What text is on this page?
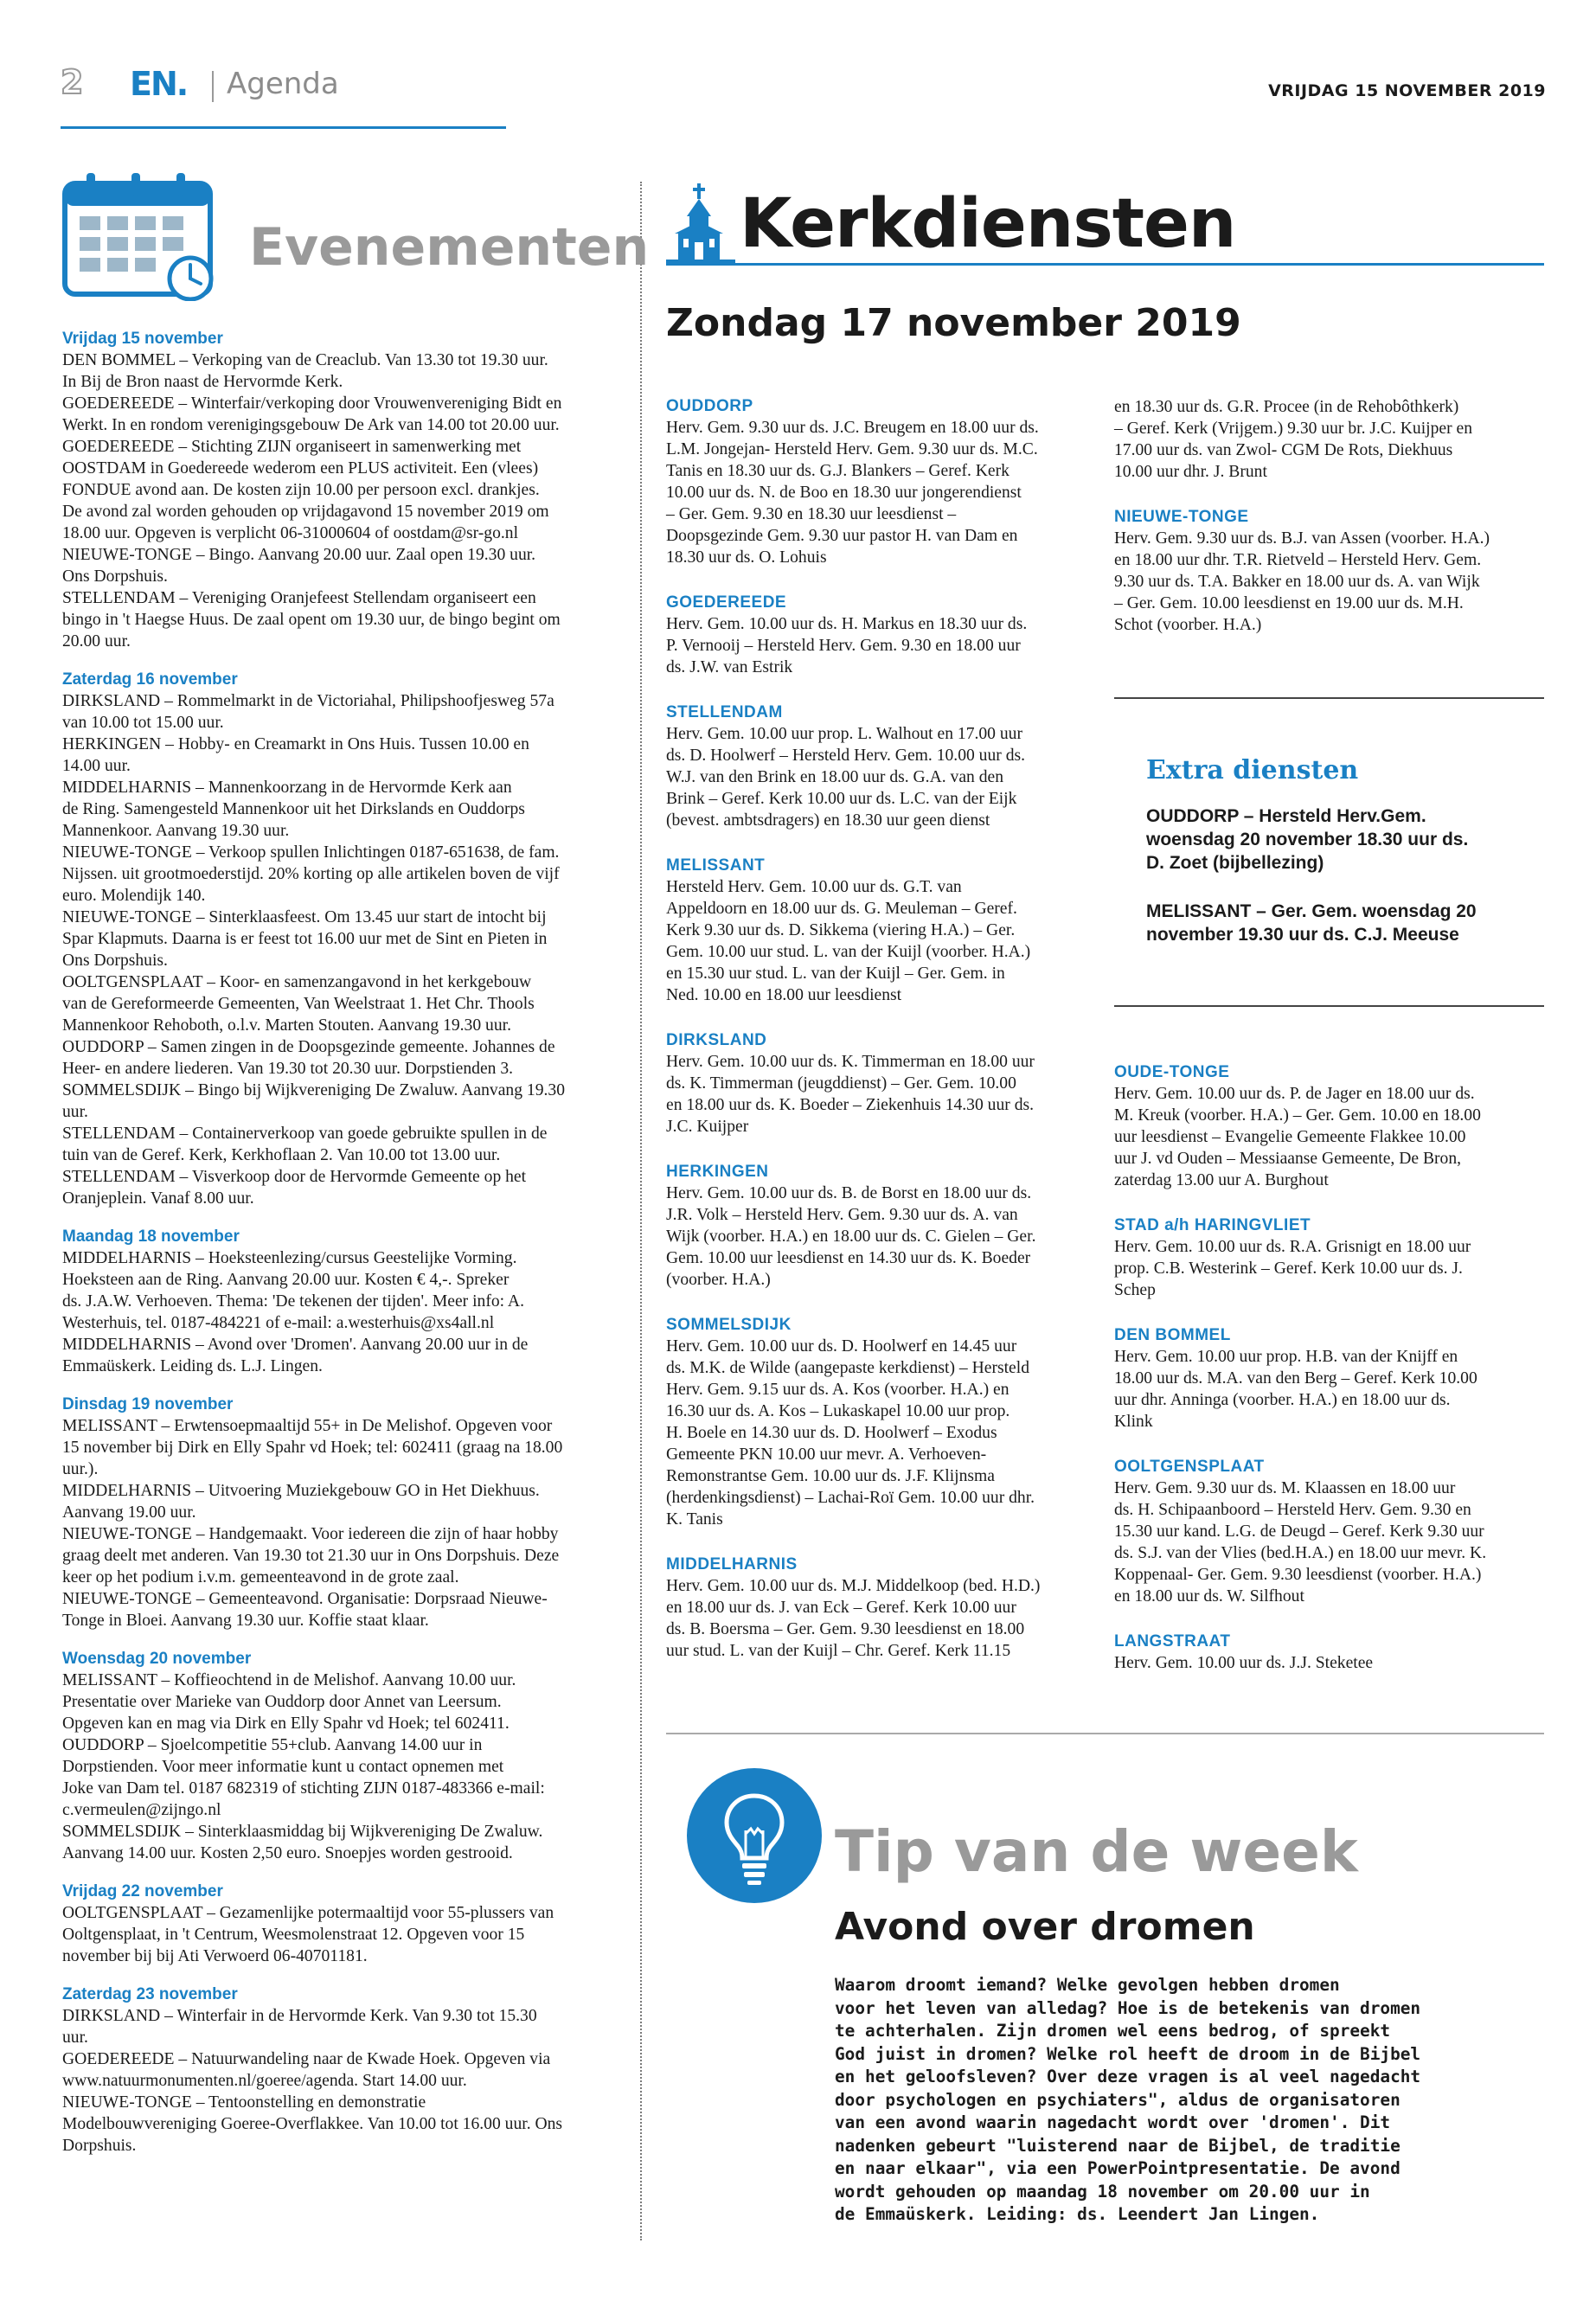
2 EN. Agenda	VRIJDAG 15 NOVEMBER 2019
Evenementen
Vrijdag 15 november
DEN BOMMEL – Verkoping van de Creaclub. Van 13.30 tot 19.30 uur.
In Bij de Bron naast de Hervormde Kerk.
GOEDEREEDE – Winterfair/verkoping door Vrouwenvereniging Bidt en
Werkt. In en rondom verenigingsgebouw De Ark van 14.00 tot 20.00 uur.
GOEDEREEDE – Stichting ZIJN organiseert in samenwerking met
OOSTDAM in Goedereede wederom een PLUS activiteit. Een (vlees)
FONDUE avond aan. De kosten zijn 10.00 per persoon excl. drankjes.
De avond zal worden gehouden op vrijdagavond 15 november 2019 om
18.00 uur. Opgeven is verplicht 06-31000604 of oostdam@sr-go.nl
NIEUWE-TONGE – Bingo. Aanvang 20.00 uur. Zaal open 19.30 uur.
Ons Dorpshuis.
STELLENDAM – Vereniging Oranjefeest Stellendam organiseert een
bingo in 't Haegse Huus. De zaal opent om 19.30 uur, de bingo begint om
20.00 uur.
Zaterdag 16 november
DIRKSLAND – Rommelmarkt in de Victoriahal, Philipshoofjesweg 57a
van 10.00 tot 15.00 uur.
HERKINGEN – Hobby- en Creamarkt in Ons Huis. Tussen 10.00 en
14.00 uur.
MIDDELHARNIS – Mannenkoorzang in de Hervormde Kerk aan
de Ring. Samengesteld Mannenkoor uit het Dirkslands en Ouddorps
Mannenkoor. Aanvang 19.30 uur.
NIEUWE-TONGE – Verkoop spullen Inlichtingen 0187-651638, de fam.
Nijssen. uit grootmoederstijd. 20% korting op alle artikelen boven de vijf
euro. Molendijk 140.
NIEUWE-TONGE – Sinterklaasfeest. Om 13.45 uur start de intocht bij
Spar Klapmuts. Daarna is er feest tot 16.00 uur met de Sint en Pieten in
Ons Dorpshuis.
OOLTGENSPLAAT – Koor- en samenzangavond in het kerkgebouw
van de Gereformeerde Gemeenten, Van Weelstraat 1. Het Chr. Thools
Mannenkoor Rehoboth, o.l.v. Marten Stouten. Aanvang 19.30 uur.
OUDDORP – Samen zingen in de Doopsgezinde gemeente. Johannes de
Heer- en andere liederen. Van 19.30 tot 20.30 uur. Dorpstienden 3.
SOMMELSDIJK – Bingo bij Wijkvereniging De Zwaluw. Aanvang 19.30
uur.
STELLENDAM – Containerverkoop van goede gebruikte spullen in de
tuin van de Geref. Kerk, Kerkhoflaan 2. Van 10.00 tot 13.00 uur.
STELLENDAM – Visverkoop door de Hervormde Gemeente op het
Oranjeplein. Vanaf 8.00 uur.
Maandag 18 november
MIDDELHARNIS – Hoeksteenlezing/cursus Geestelijke Vorming.
Hoeksteen aan de Ring. Aanvang 20.00 uur. Kosten € 4,-. Spreker
ds. J.A.W. Verhoeven. Thema: 'De tekenen der tijden'. Meer info: A.
Westerhuis, tel. 0187-484221 of e-mail: a.westerhuis@xs4all.nl
MIDDELHARNIS – Avond over 'Dromen'. Aanvang 20.00 uur in de
Emmaüskerk. Leiding ds. L.J. Lingen.
Dinsdag 19 november
MELISSANT – Erwtensoepmaaltijd 55+ in De Melishof. Opgeven voor
15 november bij Dirk en Elly Spahr vd Hoek; tel: 602411 (graag na 18.00
uur.).
MIDDELHARNIS – Uitvoering Muziekgebouw GO in Het Diekhuus.
Aanvang 19.00 uur.
NIEUWE-TONGE – Handgemaakt. Voor iedereen die zijn of haar hobby
graag deelt met anderen. Van 19.30 tot 21.30 uur in Ons Dorpshuis. Deze
keer op het podium i.v.m. gemeenteavond in de grote zaal.
NIEUWE-TONGE – Gemeenteavond. Organisatie: Dorpsraad Nieuwe-
Tonge in Bloei. Aanvang 19.30 uur. Koffie staat klaar.
Woensdag 20 november
MELISSANT – Koffieochtend in de Melishof. Aanvang 10.00 uur.
Presentatie over Marieke van Ouddorp door Annet van Leersum.
Opgeven kan en mag via Dirk en Elly Spahr vd Hoek; tel 602411.
OUDDORP – Sjoelcompetitie 55+club. Aanvang 14.00 uur in
Dorpstienden. Voor meer informatie kunt u contact opnemen met
Joke van Dam tel. 0187 682319 of stichting ZIJN 0187-483366 e-mail:
c.vermeulen@zijngo.nl
SOMMELSDIJK – Sinterklaasmiddag bij Wijkvereniging De Zwaluw.
Aanvang 14.00 uur. Kosten 2,50 euro. Snoepjes worden gestrooid.
Vrijdag 22 november
OOLTGENSPLAAT – Gezamenlijke potermaaltijd voor 55-plussers van
Ooltgensplaat, in 't Centrum, Weesmolenstraat 12. Opgeven voor 15
november bij bij Ati Verwoerd 06-40701181.
Zaterdag 23 november
DIRKSLAND – Winterfair in de Hervormde Kerk. Van 9.30 tot 15.30
uur.
GOEDEREEDE – Natuurwandeling naar de Kwade Hoek. Opgeven via
www.natuurmonumenten.nl/goeree/agenda. Start 14.00 uur.
NIEUWE-TONGE – Tentoonstelling en demonstratie
Modelbouwvereniging Goeree-Overflakkee. Van 10.00 tot 16.00 uur. Ons
Dorpshuis.
Kerkdiensten
Zondag 17 november 2019
OUDDORP
Herv. Gem. 9.30 uur ds. J.C. Breugem en 18.00 uur ds.
L.M. Jongejan- Hersteld Herv. Gem. 9.30 uur ds. M.C.
Tanis en 18.30 uur ds. G.J. Blankers – Geref. Kerk
10.00 uur ds. N. de Boo en 18.30 uur jongerendienst
– Ger. Gem. 9.30 en 18.30 uur leesdienst –
Doopsgezinde Gem. 9.30 uur pastor H. van Dam en
18.30 uur ds. O. Lohuis
GOEDEREEDE
Herv. Gem. 10.00 uur ds. H. Markus en 18.30 uur ds.
P. Vernooij – Hersteld Herv. Gem. 9.30 en 18.00 uur
ds. J.W. van Estrik
STELLENDAM
Herv. Gem. 10.00 uur prop. L. Walhout en 17.00 uur
ds. D. Hoolwerf – Hersteld Herv. Gem. 10.00 uur ds.
W.J. van den Brink en 18.00 uur ds. G.A. van den
Brink – Geref. Kerk 10.00 uur ds. L.C. van der Eijk
(bevest. ambtsdragers) en 18.30 uur geen dienst
MELISSANT
Hersteld Herv. Gem. 10.00 uur ds. G.T. van
Appeldoorn en 18.00 uur ds. G. Meuleman – Geref.
Kerk 9.30 uur ds. D. Sikkema (viering H.A.) – Ger.
Gem. 10.00 uur stud. L. van der Kuijl (voorber. H.A.)
en 15.30 uur stud. L. van der Kuijl – Ger. Gem. in
Ned. 10.00 en 18.00 uur leesdienst
DIRKSLAND
Herv. Gem. 10.00 uur ds. K. Timmerman en 18.00 uur
ds. K. Timmerman (jeugddienst) – Ger. Gem. 10.00
en 18.00 uur ds. K. Boeder – Ziekenhuis 14.30 uur ds.
J.C. Kuijper
HERKINGEN
Herv. Gem. 10.00 uur ds. B. de Borst en 18.00 uur ds.
J.R. Volk – Hersteld Herv. Gem. 9.30 uur ds. A. van
Wijk (voorber. H.A.) en 18.00 uur ds. C. Gielen – Ger.
Gem. 10.00 uur leesdienst en 14.30 uur ds. K. Boeder
(voorber. H.A.)
SOMMELSDIJK
Herv. Gem. 10.00 uur ds. D. Hoolwerf en 14.45 uur
ds. M.K. de Wilde (aangepaste kerkdienst) – Hersteld
Herv. Gem. 9.15 uur ds. A. Kos (voorber. H.A.) en
16.30 uur ds. A. Kos – Lukaskapel 10.00 uur prop.
H. Boele en 14.30 uur ds. D. Hoolwerf – Exodus
Gemeente PKN 10.00 uur mevr. A. Verhoeven-
Remonstrantse Gem. 10.00 uur ds. J.F. Klijnsma
(herdenkingsdienst) – Lachai-Roï Gem. 10.00 uur dhr.
K. Tanis
MIDDELHARNIS
Herv. Gem. 10.00 uur ds. M.J. Middelkoop (bed. H.D.)
en 18.00 uur ds. J. van Eck – Geref. Kerk 10.00 uur
ds. B. Boersma – Ger. Gem. 9.30 leesdienst en 18.00
uur stud. L. van der Kuijl – Chr. Geref. Kerk 11.15
en 18.30 uur ds. G.R. Procee (in de Rehobôthkerk)
– Geref. Kerk (Vrijgem.) 9.30 uur br. J.C. Kuijper en
17.00 uur ds. van Zwol- CGM De Rots, Diekhuus
10.00 uur dhr. J. Brunt
NIEUWE-TONGE
Herv. Gem. 9.30 uur ds. B.J. van Assen (voorber. H.A.)
en 18.00 uur dhr. T.R. Rietveld – Hersteld Herv. Gem.
9.30 uur ds. T.A. Bakker en 18.00 uur ds. A. van Wijk
– Ger. Gem. 10.00 leesdienst en 19.00 uur ds. M.H.
Schot (voorber. H.A.)
Extra diensten
OUDDORP – Hersteld Herv.Gem.
woensdag 20 november 18.30 uur ds.
D. Zoet (bijbellezing)
MELISSANT – Ger. Gem. woensdag 20
november 19.30 uur ds. C.J. Meeuse
OUDE-TONGE
Herv. Gem. 10.00 uur ds. P. de Jager en 18.00 uur ds.
M. Kreuk (voorber. H.A.) – Ger. Gem. 10.00 en 18.00
uur leesdienst – Evangelie Gemeente Flakkee 10.00
uur J. vd Ouden – Messiaanse Gemeente, De Bron,
zaterdag 13.00 uur A. Burghout
STAD a/h HARINGVLIET
Herv. Gem. 10.00 uur ds. R.A. Grisnigt en 18.00 uur
prop. C.B. Westerink – Geref. Kerk 10.00 uur ds. J.
Schep
DEN BOMMEL
Herv. Gem. 10.00 uur prop. H.B. van der Knijff en
18.00 uur ds. M.A. van den Berg – Geref. Kerk 10.00
uur dhr. Anninga (voorber. H.A.) en 18.00 uur ds.
Klink
OOLTGENSPLAAT
Herv. Gem. 9.30 uur ds. M. Klaassen en 18.00 uur
ds. H. Schipaanboord – Hersteld Herv. Gem. 9.30 en
15.30 uur kand. L.G. de Deugd – Geref. Kerk 9.30 uur
ds. S.J. van der Vlies (bed.H.A.) en 18.00 uur mevr. K.
Koppenaal- Ger. Gem. 9.30 leesdienst (voorber. H.A.)
en 18.00 uur ds. W. Silfhout
LANGSTRAAT
Herv. Gem. 10.00 uur ds. J.J. Steketee
Tip van de week
Avond over dromen
Waarom droomt iemand? Welke gevolgen hebben dromen
voor het leven van alledag? Hoe is de betekenis van dromen
te achterhalen. Zijn dromen wel eens bedrog, of spreekt
God juist in dromen? Welke rol heeft de droom in de Bijbel
en het geloofsleven? Over deze vragen is al veel nagedacht
door psychologen en psychiaters", aldus de organisatoren
van een avond waarin nagedacht wordt over 'dromen'. Dit
nadenken gebeurt "luisterend naar de Bijbel, de traditie
en naar elkaar", via een PowerPointpresentatie. De avond
wordt gehouden op maandag 18 november om 20.00 uur in
de Emmaüskerk. Leiding: ds. Leendert Jan Lingen.
